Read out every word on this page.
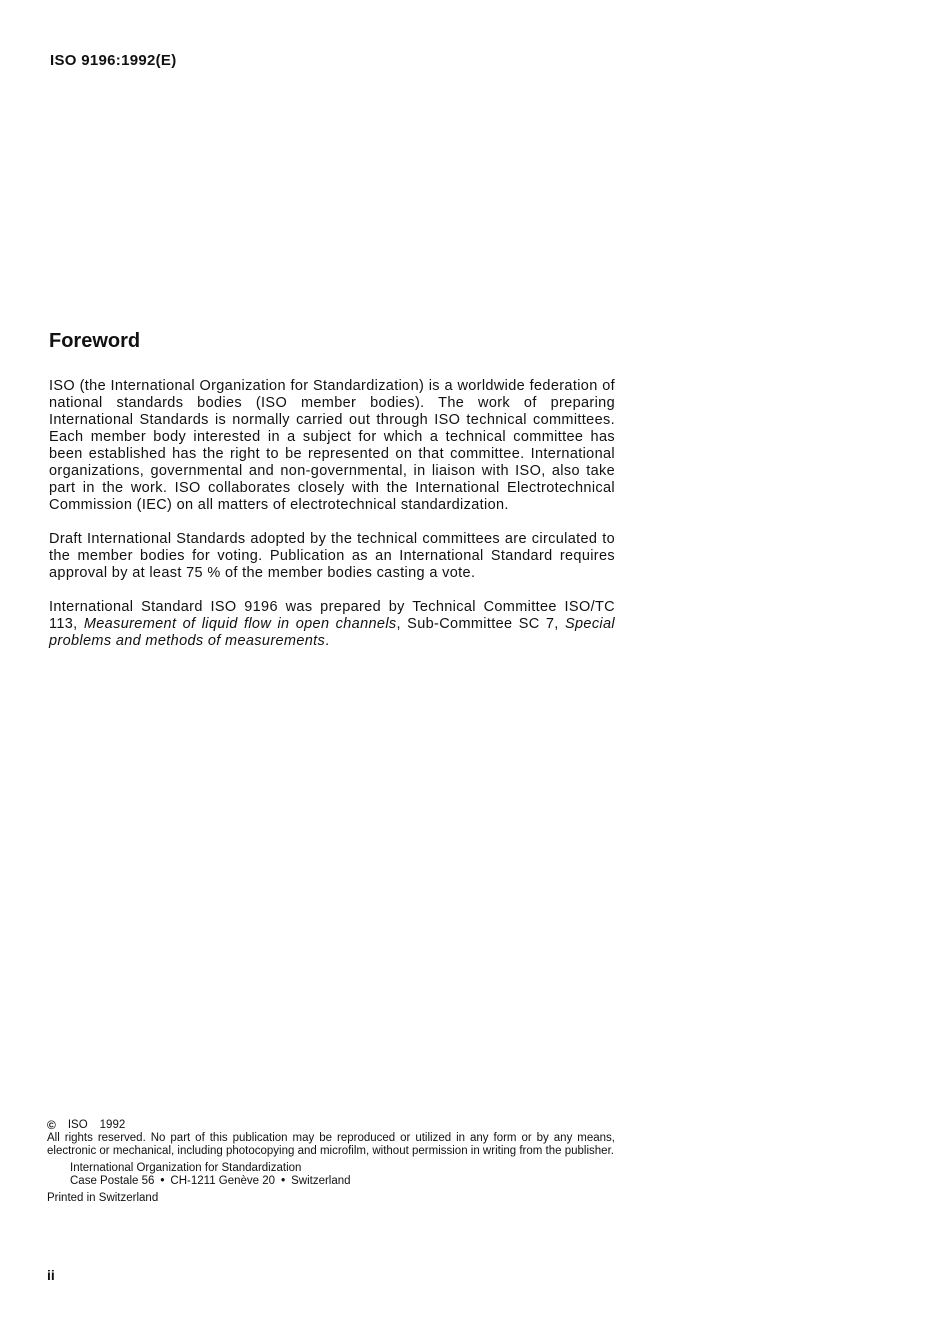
ISO 9196:1992(E)
Foreword

ISO (the International Organization for Standardization) is a worldwide federation of national standards bodies (ISO member bodies). The work of preparing International Standards is normally carried out through ISO technical committees. Each member body interested in a subject for which a technical committee has been established has the right to be represented on that committee. International organizations, governmental and non-governmental, in liaison with ISO, also take part in the work. ISO collaborates closely with the International Electrotechnical Commission (IEC) on all matters of electrotechnical standardization.

Draft International Standards adopted by the technical committees are circulated to the member bodies for voting. Publication as an International Standard requires approval by at least 75 % of the member bodies casting a vote.

International Standard ISO 9196 was prepared by Technical Committee ISO/TC 113, Measurement of liquid flow in open channels, Sub-Committee SC 7, Special problems and methods of measurements.

© ISO 1992

All rights reserved. No part of this publication may be reproduced or utilized in any form or by any means, electronic or mechanical, including photocopying and microfilm, without permission in writing from the publisher.

International Organization for Standardization
Case Postale 56 • CH-1211 Genève 20 • Switzerland
Printed in Switzerland
ii
